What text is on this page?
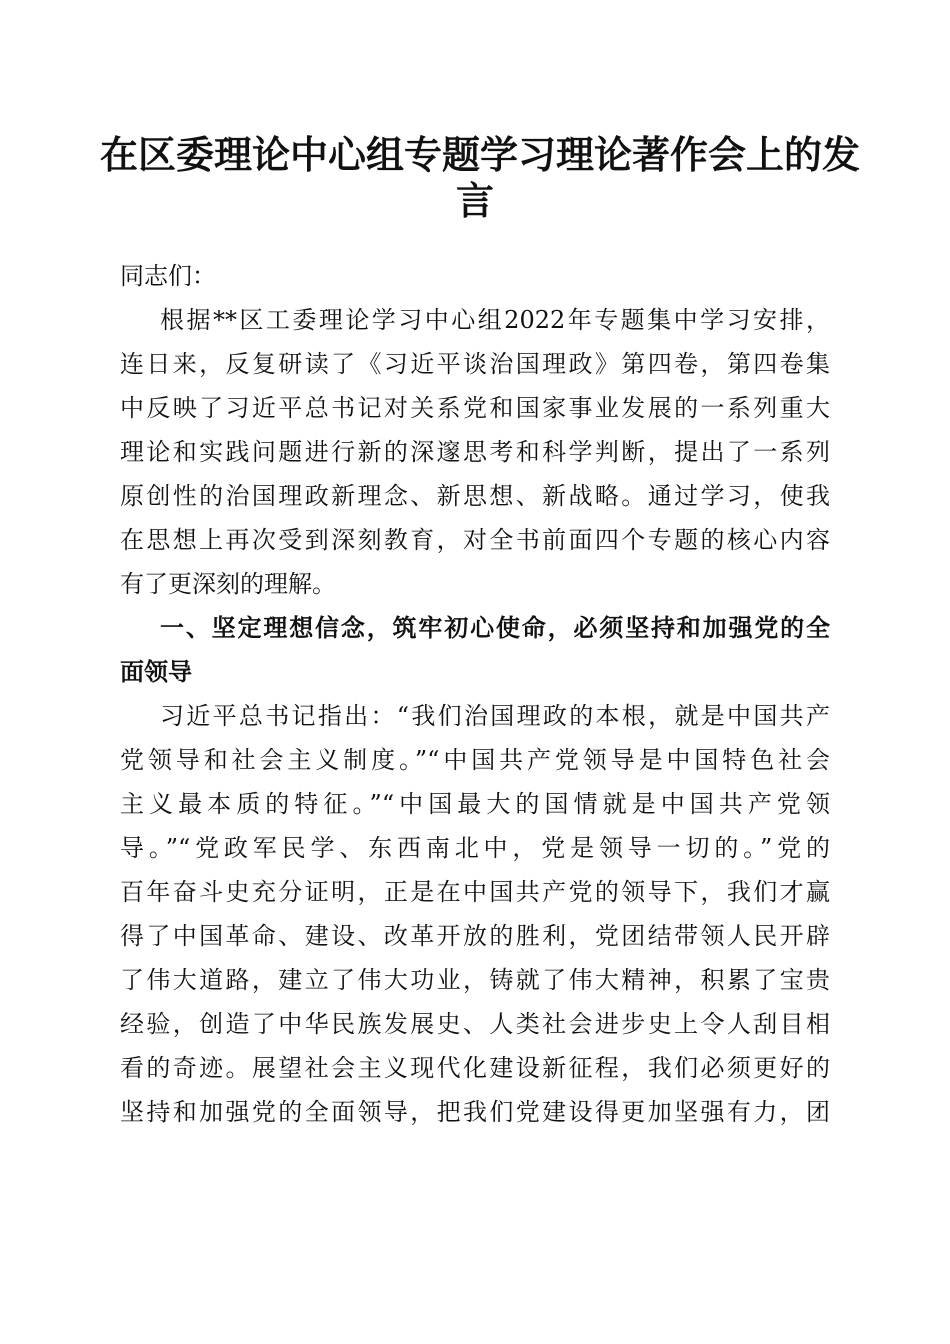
在区委理论中心组专题学习理论著作会上的发
言
同志们：
根据**区工委理论学习中心组2022年专题集中学习安排，
连日来，反复研读了《习近平谈治国理政》第四卷，第四卷集
中反映了习近平总书记对关系党和国家事业发展的一系列重大
理论和实践问题进行新的深邃思考和科学判断，提出了一系列
原创性的治国理政新理念、新思想、新战略。通过学习，使我
在思想上再次受到深刻教育，对全书前面四个专题的核心内容
有了更深刻的理解。
一、坚定理想信念，筑牢初心使命，必须坚持和加强党的全
面领导
习近平总书记指出：“我们治国理政的本根，就是中国共产
党领导和社会主义制度。”“中国共产党领导是中国特色社会
主义最本质的特征。”“中国最大的国情就是中国共产党领
导。”“党政军民学、东西南北中，党是领导一切的。”党的
百年奋斗史充分证明，正是在中国共产党的领导下，我们才赢
得了中国革命、建设、改革开放的胜利，党团结带领人民开辟
了伟大道路，建立了伟大功业，铸就了伟大精神，积累了宝贵
经验，创造了中华民族发展史、人类社会进步史上令人刮目相
看的奇迹。展望社会主义现代化建设新征程，我们必须更好的
坚持和加强党的全面领导，把我们党建设得更加坚强有力，团
